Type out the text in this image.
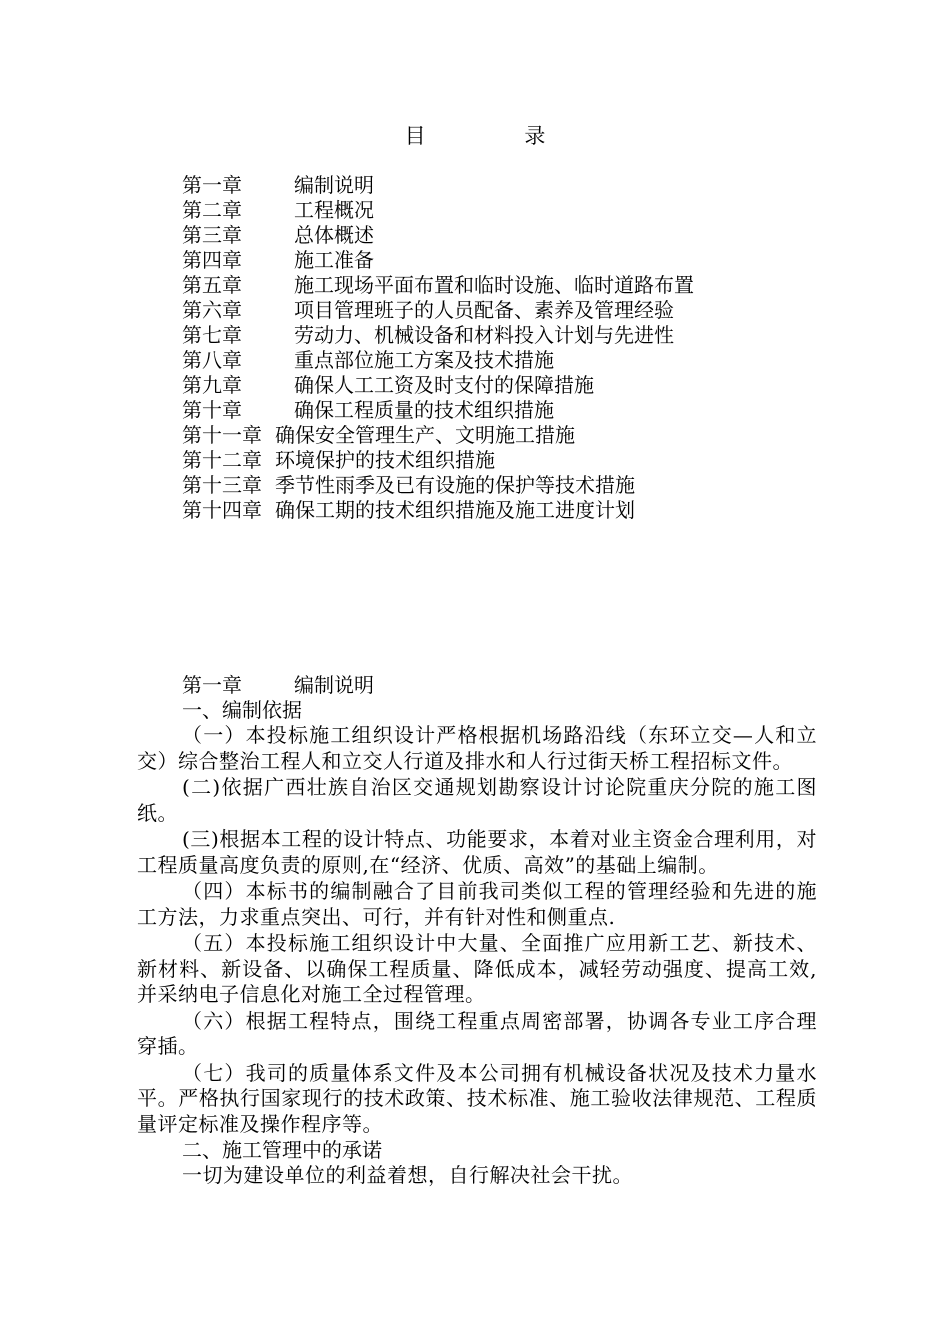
目 录
第一章	编制说明
第二章	工程概况
第三章	总体概述
第四章	施工准备
第五章	施工现场平面布置和临时设施、临时道路布置
第六章	项目管理班子的人员配备、素养及管理经验
第七章	劳动力、机械设备和材料投入计划与先进性
第八章	重点部位施工方案及技术措施
第九章	确保人工工资及时支付的保障措施
第十章	确保工程质量的技术组织措施
第十一章 确保安全管理生产、文明施工措施
第十二章 环境保护的技术组织措施
第十三章 季节性雨季及已有设施的保护等技术措施
第十四章 确保工期的技术组织措施及施工进度计划
第一章	编制说明
一、编制依据

（一）本投标施工组织设计严格根据机场路沿线（东环立交—人和立交）综合整治工程人和立交人行道及排水和人行过街天桥工程招标文件。

(二)依据广西壮族自治区交通规划勘察设计讨论院重庆分院的施工图纸。

(三)根据本工程的设计特点、功能要求，本着对业主资金合理利用，对工程质量高度负责的原则,在“经济、优质、高效”的基础上编制。

（四）本标书的编制融合了目前我司类似工程的管理经验和先进的施工方法，力求重点突出、可行，并有针对性和侧重点.

（五）本投标施工组织设计中大量、全面推广应用新工艺、新技术、新材料、新设备、以确保工程质量、降低成本，减轻劳动强度、提高工效,并采纳电子信息化对施工全过程管理。

（六）根据工程特点，围绕工程重点周密部署，协调各专业工序合理穿插。

（七）我司的质量体系文件及本公司拥有机械设备状况及技术力量水平。严格执行国家现行的技术政策、技术标准、施工验收法律规范、工程质量评定标准及操作程序等。

二、施工管理中的承诺

一切为建设单位的利益着想，自行解决社会干扰。
